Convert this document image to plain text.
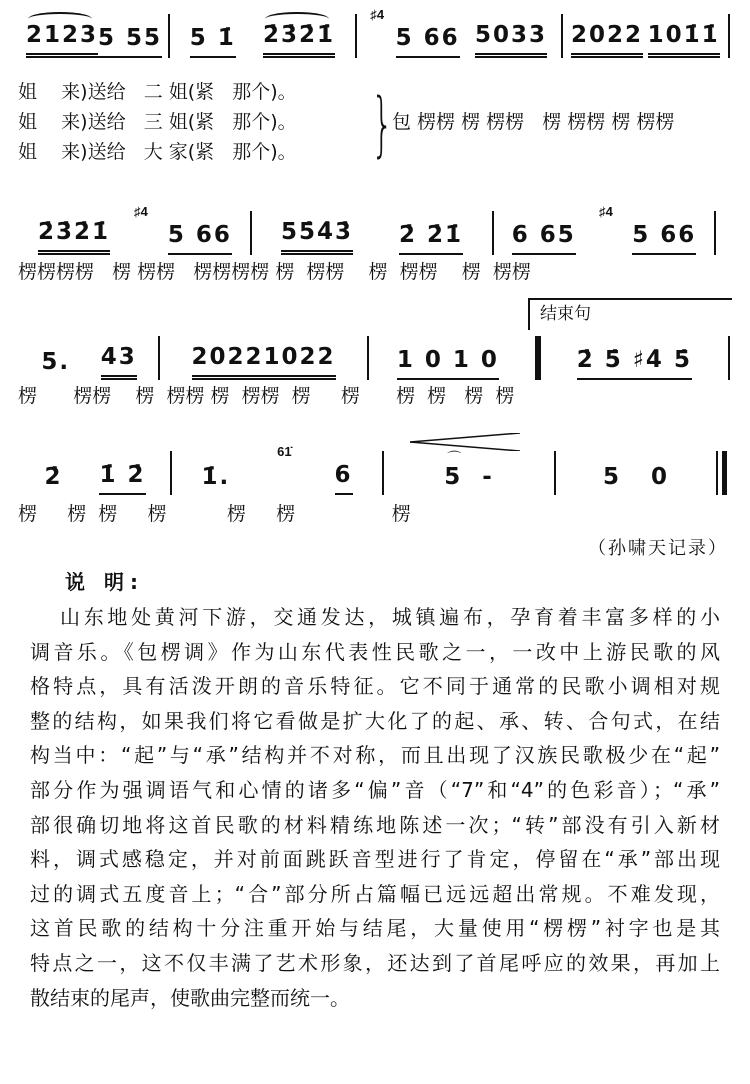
2123 5 55 5 1̇ 2̇3̇2̇1̇
♯4
5 66 5033 2022 101̇1̇
2̇3̇2̇1̇
♯4
5 66 55̇4̇3̇ 2̇ 2̇1̇ 6 65
♯4
5 66
5. 43 20221022	1 0 1 0	2̇ 5̇ ♯4̇ 5̇
2̇ 1̇ 2̇ 1̇.
61̇
6	5  -
⌒
5   0
姐    来)送给   二 姐(紧   那个)。
姐    来)送给   三 姐(紧   那个)。
姐    来)送给   大 家(紧   那个)。 }
包 楞楞 楞 楞楞   楞 楞楞 楞 楞楞
楞楞楞楞   楞 楞楞   楞楞楞楞 楞  楞楞    楞  楞楞    楞  楞楞
楞      楞楞    楞  楞楞 楞  楞楞  楞     楞      楞  楞   楞  楞
楞     楞  楞     楞          楞     楞                楞
结束句
（孙啸天记录）
说 明:
山东地处黄河下游，交通发达，城镇遍布，孕育着丰富多样的小
调音乐。《包楞调》作为山东代表性民歌之一，一改中上游民歌的风
格特点，具有活泼开朗的音乐特征。它不同于通常的民歌小调相对规
整的结构，如果我们将它看做是扩大化了的起、承、转、合句式，在结
构当中：“起”与“承”结构并不对称，而且出现了汉族民歌极少在“起”
部分作为强调语气和心情的诸多“偏”音（“7”和“4”的色彩音）；“承”
部很确切地将这首民歌的材料精练地陈述一次；“转”部没有引入新材
料，调式感稳定，并对前面跳跃音型进行了肯定，停留在“承”部出现
过的调式五度音上；“合”部分所占篇幅已远远超出常规。不难发现，
这首民歌的结构十分注重开始与结尾，大量使用“楞楞”衬字也是其
特点之一，这不仅丰满了艺术形象，还达到了首尾呼应的效果，再加上
散结束的尾声，使歌曲完整而统一。
